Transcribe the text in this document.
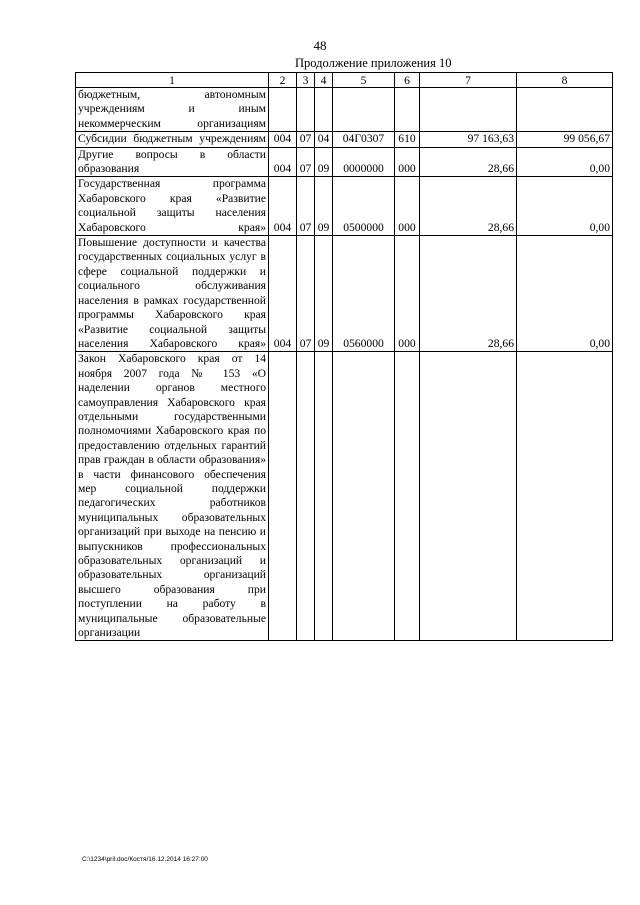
48
Продолжение приложения 10
1	2	3	4	5	6	7	8
бюджетным, автономным учреждениям и иным некоммерческим организациям							
Субсидии бюджетным учреждениям	004	07	04	04Г0307	610	97 163,63	99 056,67
Другие вопросы в области образования	004	07	09	0000000	000	28,66	0,00
Государственная программа Хабаровского края «Развитие социальной защиты населения Хабаровского края»	004	07	09	0500000	000	28,66	0,00
Повышение доступности и качества государственных социальных услуг в сфере социальной поддержки и социального обслуживания населения в рамках государственной программы Хабаровского края «Развитие социальной защиты населения Хабаровского края»	004	07	09	0560000	000	28,66	0,00
Закон Хабаровского края от 14 ноября 2007 года № 153 «О наделении органов местного самоуправления Хабаровского края отдельными государственными полномочиями Хабаровского края по предоставлению отдельных гарантий прав граждан в области образования» в части финансового обеспечения мер социальной поддержки педагогических работников муниципальных образовательных организаций при выходе на пенсию и выпускников профессиональных образовательных организаций и образовательных организаций высшего образования при поступлении на работу в муниципальные образовательные организации							
C:\1234\pril.doc/Костя/16.12.2014 16:27:00
